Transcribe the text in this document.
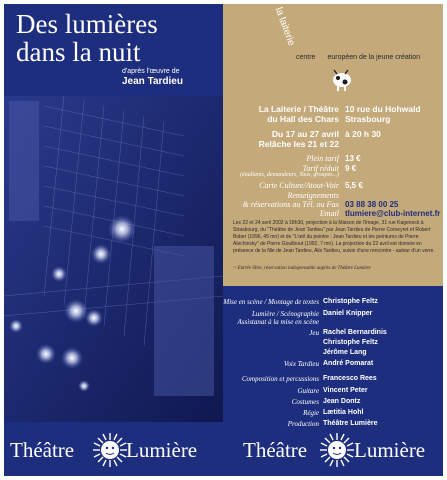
Des lumières
dans la nuit
d'après l'œuvre de
Jean Tardieu
Théâtre Lumière
la laiterie
centre européen de la jeune création
La Laiterie / Théâtre 10 rue du Hohwald
du Hall des Chars Strasbourg
Du 17 au 27 avril à 20 h 30
Relâche les 21 et 22
Plein tarif 13 €
Tarif réduit 9 €
(étudiants, demandeurs, Tous, groupes...)
Carte Culture/Atout-Voir 5,5 €
Renseignements
& réservations au Tél. ou Fax 03 88 38 00 25
Email tlumiere@club-internet.fr
Les 22 et 24 avril 2002 à 18h30, projection à la Maison de l'Image, 31 rue Kageneck à Strasbourg, du "Théâtre de Jean Tardieu" par Jean Tardieu de Pierre Corneyret et Robert Bober (1996, 45 mn) et de "L'œil du peintre : Jean Tardieu et les peintures de Pierre Alechinsky" de Pierre Gouilbout (1992, 7 mn). La projection du 22 avril est donnée en présence de la fille de Jean Tardieu, Alix Tardieu, suivie d'une rencontre - autour d'un verre.
> Entrée libre, réservation indispensable auprès de Théâtre Lumière
Mise en scène / Montage de textes Christophe Feltz
Lumière / Scénographie Daniel Knipper
Assistanat à la mise en scène
Jeu Rachel Bernardinis
Christophe Feltz
Jérôme Lang
Voix Tardieu André Pomarat
Composition et percussions Francesco Rees
Guitare Vincent Peter
Costumes Jean Dontz
Régie Lætitia Hohl
Production Théâtre Lumière
Théâtre Lumière
